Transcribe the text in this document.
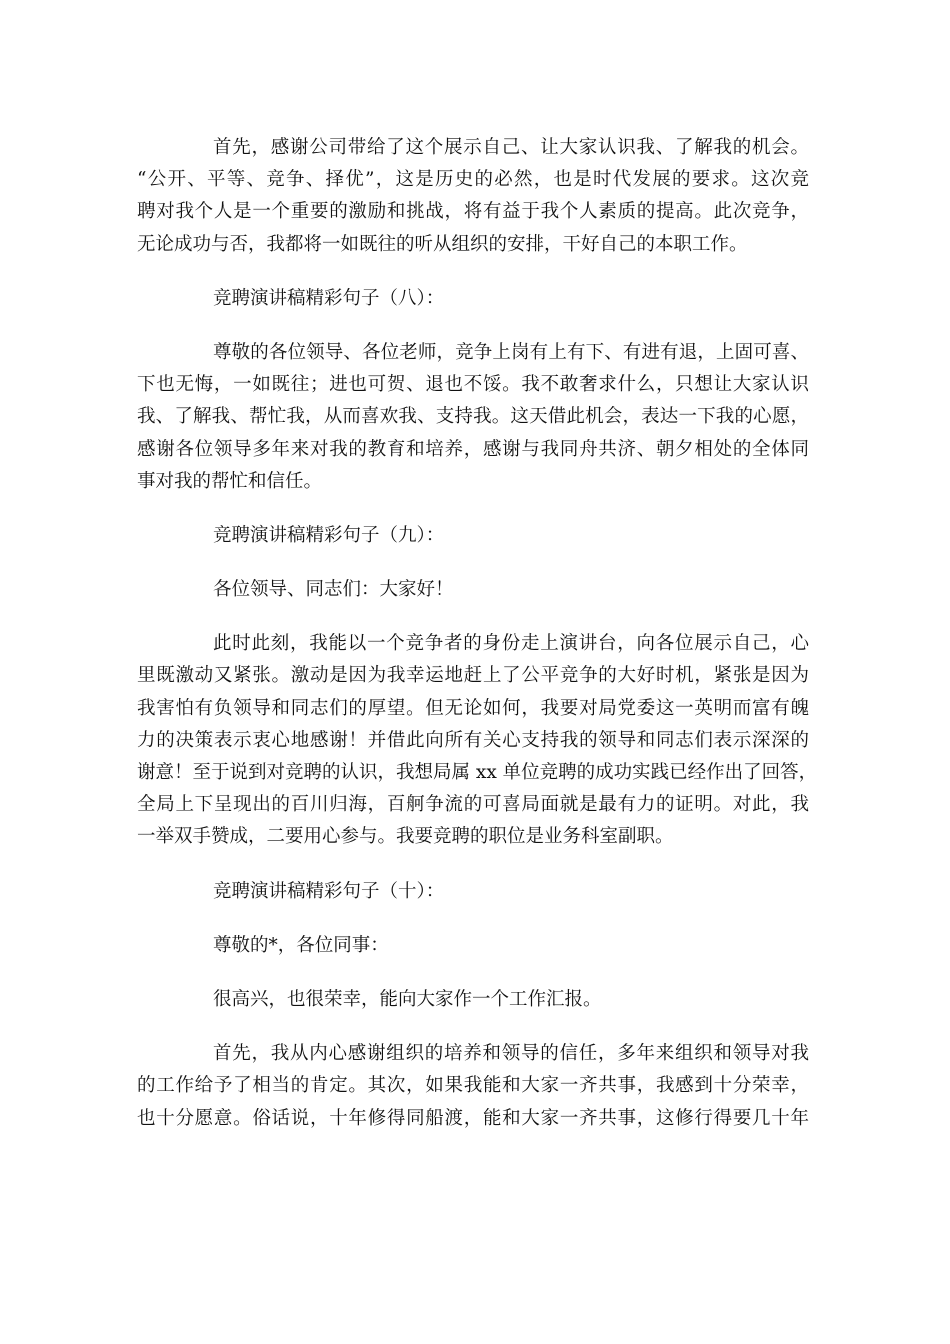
首先，感谢公司带给了这个展示自己、让大家认识我、了解我的机会。
“公开、平等、竞争、择优”，这是历史的必然，也是时代发展的要求。这次竞
聘对我个人是一个重要的激励和挑战，将有益于我个人素质的提高。此次竞争，
无论成功与否，我都将一如既往的听从组织的安排，干好自己的本职工作。
竞聘演讲稿精彩句子（八）：
尊敬的各位领导、各位老师，竞争上岗有上有下、有进有退，上固可喜、
下也无悔，一如既往；进也可贺、退也不馁。我不敢奢求什么，只想让大家认识
我、了解我、帮忙我，从而喜欢我、支持我。这天借此机会，表达一下我的心愿，
感谢各位领导多年来对我的教育和培养，感谢与我同舟共济、朝夕相处的全体同
事对我的帮忙和信任。
竞聘演讲稿精彩句子（九）：
各位领导、同志们：大家好！
此时此刻，我能以一个竞争者的身份走上演讲台，向各位展示自己，心
里既激动又紧张。激动是因为我幸运地赶上了公平竞争的大好时机，紧张是因为
我害怕有负领导和同志们的厚望。但无论如何，我要对局党委这一英明而富有魄
力的决策表示衷心地感谢！并借此向所有关心支持我的领导和同志们表示深深的
谢意！至于说到对竞聘的认识，我想局属 xx 单位竞聘的成功实践已经作出了回答，
全局上下呈现出的百川归海，百舸争流的可喜局面就是最有力的证明。对此，我
一举双手赞成，二要用心参与。我要竞聘的职位是业务科室副职。
竞聘演讲稿精彩句子（十）：
尊敬的*，各位同事：
很高兴，也很荣幸，能向大家作一个工作汇报。
首先，我从内心感谢组织的培养和领导的信任，多年来组织和领导对我
的工作给予了相当的肯定。其次，如果我能和大家一齐共事，我感到十分荣幸，
也十分愿意。俗话说，十年修得同船渡，能和大家一齐共事，这修行得要几十年
